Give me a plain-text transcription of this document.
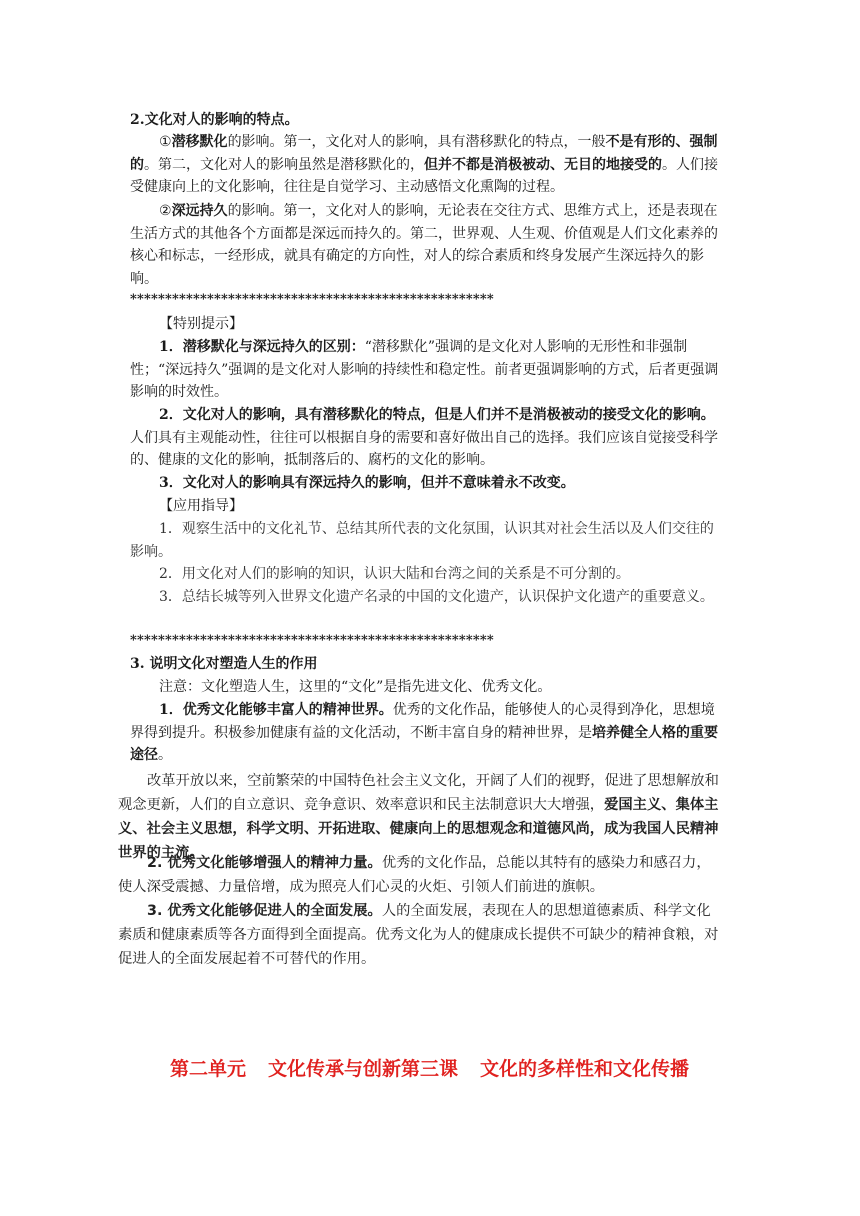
2.文化对人的影响的特点。

①潜移默化的影响。第一，文化对人的影响，具有潜移默化的特点，一般不是有形的、强制的。第二，文化对人的影响虽然是潜移默化的，但并不都是消极被动、无目的地接受的。人们接受健康向上的文化影响，往往是自觉学习、主动感悟文化熏陶的过程。

②深远持久的影响。第一，文化对人的影响，无论表在交往方式、思维方式上，还是表现在生活方式的其他各个方面都是深远而持久的。第二，世界观、人生观、价值观是人们文化素养的核心和标志，一经形成，就具有确定的方向性，对人的综合素质和终身发展产生深远持久的影响。

****************************************************

【特别提示】

1．潜移默化与深远持久的区别：“潜移默化”强调的是文化对人影响的无形性和非强制性；“深远持久”强调的是文化对人影响的持续性和稳定性。前者更强调影响的方式，后者更强调影响的时效性。

2．文化对人的影响，具有潜移默化的特点，但是人们并不是消极被动的接受文化的影响。人们具有主观能动性，往往可以根据自身的需要和喜好做出自己的选择。我们应该自觉接受科学的、健康的文化的影响，抵制落后的、腐朽的文化的影响。

3．文化对人的影响具有深远持久的影响，但并不意味着永不改变。

【应用指导】

1．观察生活中的文化礼节、总结其所代表的文化氛围，认识其对社会生活以及人们交往的影响。

2．用文化对人们的影响的知识，认识大陆和台湾之间的关系是不可分割的。

3．总结长城等列入世界文化遗产名录的中国的文化遗产，认识保护文化遗产的重要意义。

****************************************************

3. 说明文化对塑造人生的作用

注意：文化塑造人生，这里的“文化”是指先进文化、优秀文化。

1．优秀文化能够丰富人的精神世界。优秀的文化作品，能够使人的心灵得到净化，思想境界得到提升。积极参加健康有益的文化活动，不断丰富自身的精神世界，是培养健全人格的重要途径。

改革开放以来，空前繁荣的中国特色社会主义文化，开阔了人们的视野，促进了思想解放和观念更新，人们的自立意识、竞争意识、效率意识和民主法制意识大大增强，爱国主义、集体主义、社会主义思想，科学文明、开拓进取、健康向上的思想观念和道德风尚，成为我国人民精神世界的主流。

2. 优秀文化能够增强人的精神力量。优秀的文化作品，总能以其特有的感染力和感召力，使人深受震撼、力量倍增，成为照亮人们心灵的火炬、引领人们前进的旗帜。

3. 优秀文化能够促进人的全面发展。人的全面发展，表现在人的思想道德素质、科学文化素质和健康素质等各方面得到全面提高。优秀文化为人的健康成长提供不可缺少的精神食粮，对促进人的全面发展起着不可替代的作用。

第二单元 文化传承与创新第三课 文化的多样性和文化传播
